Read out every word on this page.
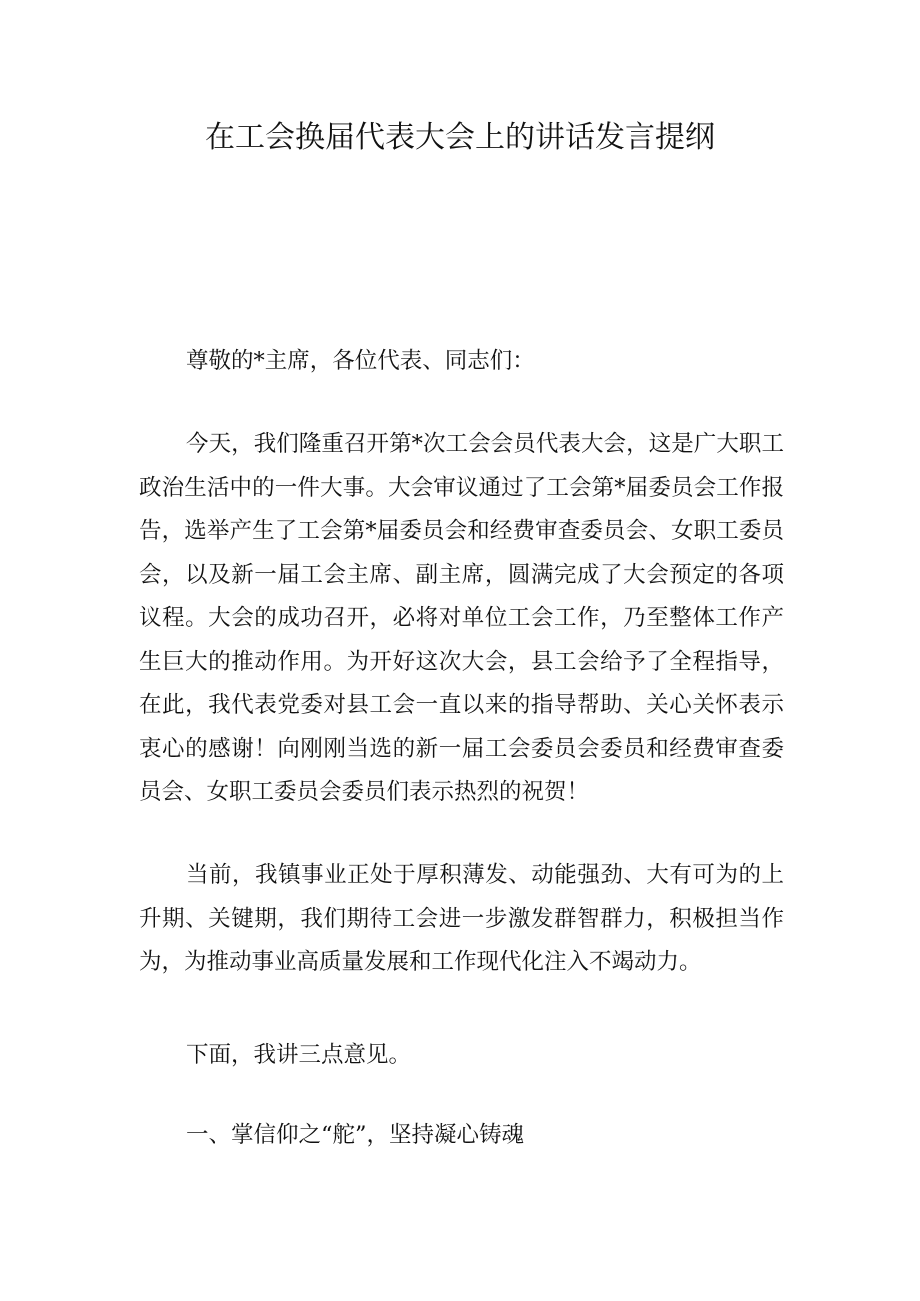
在工会换届代表大会上的讲话发言提纲

尊敬的*主席，各位代表、同志们：

今天，我们隆重召开第*次工会会员代表大会，这是广大职工政治生活中的一件大事。大会审议通过了工会第*届委员会工作报告，选举产生了工会第*届委员会和经费审查委员会、女职工委员会，以及新一届工会主席、副主席，圆满完成了大会预定的各项议程。大会的成功召开，必将对单位工会工作，乃至整体工作产生巨大的推动作用。为开好这次大会，县工会给予了全程指导，在此，我代表党委对县工会一直以来的指导帮助、关心关怀表示衷心的感谢！向刚刚当选的新一届工会委员会委员和经费审查委员会、女职工委员会委员们表示热烈的祝贺！

当前，我镇事业正处于厚积薄发、动能强劲、大有可为的上升期、关键期，我们期待工会进一步激发群智群力，积极担当作为，为推动事业高质量发展和工作现代化注入不竭动力。

下面，我讲三点意见。

一、掌信仰之“舵”，坚持凝心铸魂
